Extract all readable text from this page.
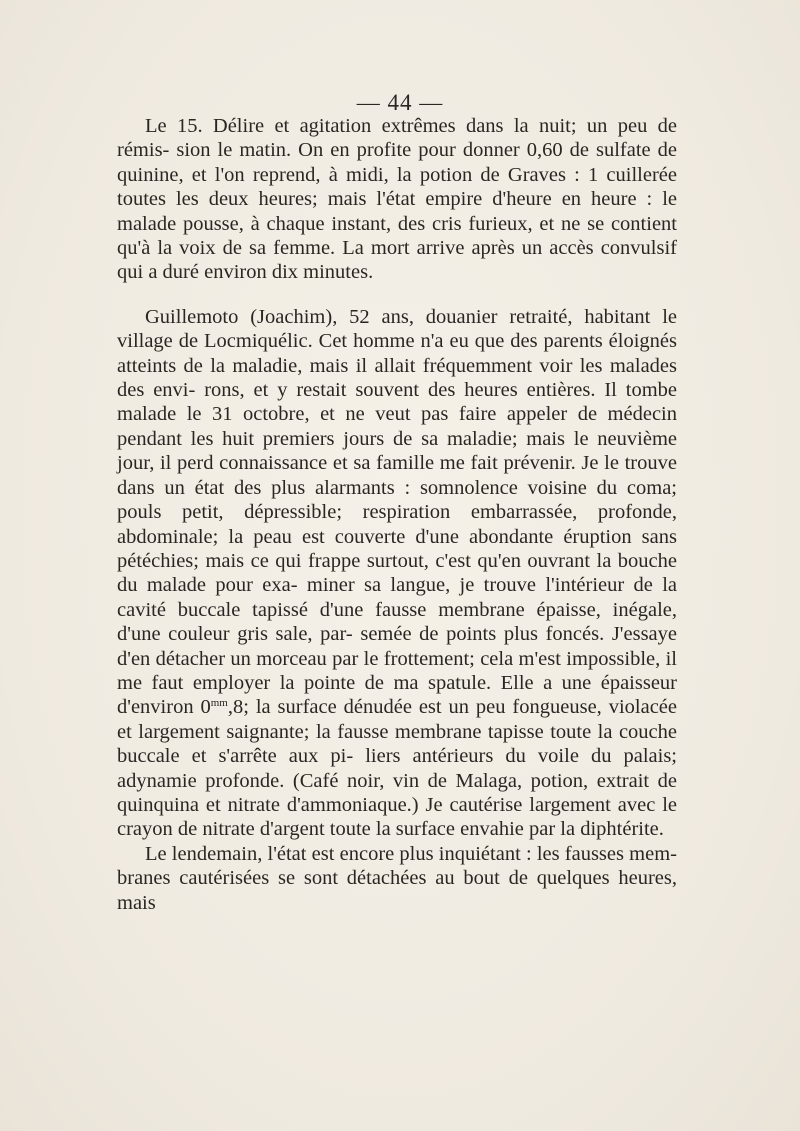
— 44 —

Le 15. Délire et agitation extrêmes dans la nuit; un peu de rémis- sion le matin. On en profite pour donner 0,60 de sulfate de quinine, et l'on reprend, à midi, la potion de Graves : 1 cuillerée toutes les deux heures; mais l'état empire d'heure en heure : le malade pousse, à chaque instant, des cris furieux, et ne se contient qu'à la voix de sa femme. La mort arrive après un accès convulsif qui a duré environ dix minutes.

Guillemoto (Joachim), 52 ans, douanier retraité, habitant le village de Locmiquélic. Cet homme n'a eu que des parents éloignés atteints de la maladie, mais il allait fréquemment voir les malades des envi- rons, et y restait souvent des heures entières. Il tombe malade le 31 octobre, et ne veut pas faire appeler de médecin pendant les huit premiers jours de sa maladie; mais le neuvième jour, il perd connaissance et sa famille me fait prévenir. Je le trouve dans un état des plus alarmants : somnolence voisine du coma; pouls petit, dépressible; respiration embarrassée, profonde, abdominale; la peau est couverte d'une abondante éruption sans pétéchies; mais ce qui frappe surtout, c'est qu'en ouvrant la bouche du malade pour exa- miner sa langue, je trouve l'intérieur de la cavité buccale tapissé d'une fausse membrane épaisse, inégale, d'une couleur gris sale, par- semée de points plus foncés. J'essaye d'en détacher un morceau par le frottement; cela m'est impossible, il me faut employer la pointe de ma spatule. Elle a une épaisseur d'environ $0^{mm},8$; la surface dénudée est un peu fongueuse, violacée et largement saignante; la fausse membrane tapisse toute la couche buccale et s'arrête aux pi- liers antérieurs du voile du palais; adynamie profonde. (Café noir, vin de Malaga, potion, extrait de quinquina et nitrate d'ammoniaque.) Je cautérise largement avec le crayon de nitrate d'argent toute la surface envahie par la diphtérite.

Le lendemain, l'état est encore plus inquiétant : les fausses mem- branes cautérisées se sont détachées au bout de quelques heures, mais
